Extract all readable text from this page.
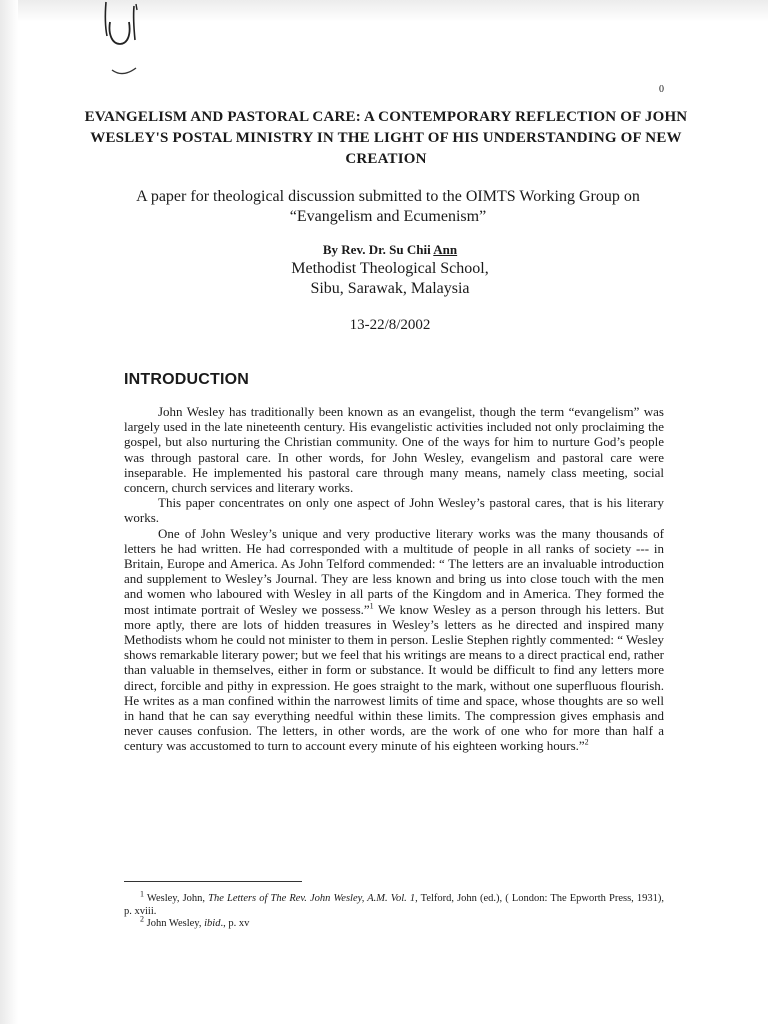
0
EVANGELISM AND PASTORAL CARE: A CONTEMPORARY REFLECTION OF JOHN WESLEY'S POSTAL MINISTRY IN THE LIGHT OF HIS UNDERSTANDING OF NEW CREATION

A paper for theological discussion submitted to the OIMTS Working Group on “Evangelism and Ecumenism”

By Rev. Dr. Su Chii Ann
Methodist Theological School,
Sibu, Sarawak, Malaysia
13-22/8/2002
INTRODUCTION

John Wesley has traditionally been known as an evangelist, though the term “evangelism” was largely used in the late nineteenth century. His evangelistic activities included not only proclaiming the gospel, but also nurturing the Christian community. One of the ways for him to nurture God’s people was through pastoral care. In other words, for John Wesley, evangelism and pastoral care were inseparable. He implemented his pastoral care through many means, namely class meeting, social concern, church services and literary works.

This paper concentrates on only one aspect of John Wesley’s pastoral cares, that is his literary works.

One of John Wesley’s unique and very productive literary works was the many thousands of letters he had written. He had corresponded with a multitude of people in all ranks of society --- in Britain, Europe and America. As John Telford commended: “ The letters are an invaluable introduction and supplement to Wesley’s Journal. They are less known and bring us into close touch with the men and women who laboured with Wesley in all parts of the Kingdom and in America. They formed the most intimate portrait of Wesley we possess.”$^1$ We know Wesley as a person through his letters. But more aptly, there are lots of hidden treasures in Wesley’s letters as he directed and inspired many Methodists whom he could not minister to them in person. Leslie Stephen rightly commented: “ Wesley shows remarkable literary power; but we feel that his writings are means to a direct practical end, rather than valuable in themselves, either in form or substance. It would be difficult to find any letters more direct, forcible and pithy in expression. He goes straight to the mark, without one superfluous flourish. He writes as a man confined within the narrowest limits of time and space, whose thoughts are so well in hand that he can say everything needful within these limits. The compression gives emphasis and never causes confusion. The letters, in other words, are the work of one who for more than half a century was accustomed to turn to account every minute of his eighteen working hours.”$^2$

$^1$ Wesley, John, The Letters of The Rev. John Wesley, A.M. Vol. 1, Telford, John (ed.), ( London: The Epworth Press, 1931), p. xviii.

$^2$ John Wesley, ibid., p. xv
